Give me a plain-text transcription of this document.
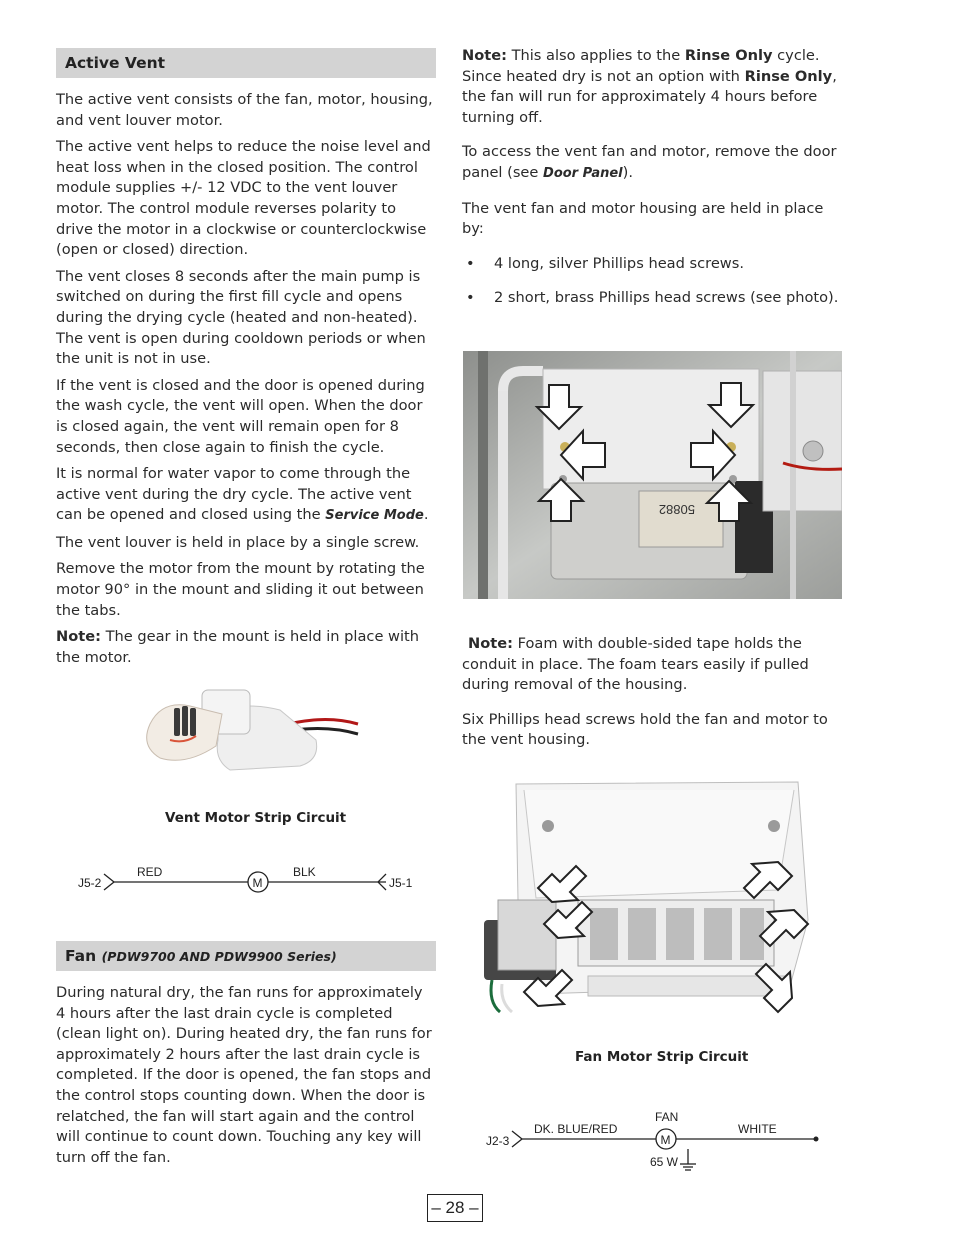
Active Vent

The active vent consists of the fan, motor, housing, and vent louver motor.

The active vent helps to reduce the noise level and heat loss when in the closed position. The control module supplies +/- 12 VDC to the vent louver motor. The control module reverses polarity to drive the motor in a clockwise or counterclockwise (open or closed) direction.

The vent closes 8 seconds after the main pump is switched on during the first fill cycle and opens during the drying cycle (heated and non-heated). The vent is open during cooldown periods or when the unit is not in use.

If the vent is closed and the door is opened during the wash cycle, the vent will open. When the door is closed again, the vent will remain open for 8 seconds, then close again to finish the cycle.

It is normal for water vapor to come through the active vent during the dry cycle. The active vent can be opened and closed using the Service Mode.

The vent louver is held in place by a single screw.

Remove the motor from the mount by rotating the motor 90° in the mount and sliding it out between the tabs.

Note: The gear in the mount is held in place with the motor.

Vent Motor Strip Circuit
J5-2
RED
M
BLK
J5-1
Fan (PDW9700 AND PDW9900 Series)

During natural dry, the fan runs for approximately 4 hours after the last drain cycle is completed (clean light on). During heated dry, the fan runs for approximately 2 hours after the last drain cycle is completed. If the door is opened, the fan stops and the control stops counting down. When the door is relatched, the fan will start again and the control will continue to count down. Touching any key will turn off the fan.

Note: This also applies to the Rinse Only cycle. Since heated dry is not an option with Rinse Only, the fan will run for approximately 4 hours before turning off.

To access the vent fan and motor, remove the door panel (see Door Panel).

The vent fan and motor housing are held in place by:

• 4 long, silver Phillips head screws.
• 2 short, brass Phillips head screws (see photo).
50882

Note: Foam with double-sided tape holds the conduit in place. The foam tears easily if pulled during removal of the housing.

Six Phillips head screws hold the fan and motor to the vent housing.

Fan Motor Strip Circuit
J2-3
DK. BLUE/RED
FAN
M
WHITE
65 W
– 28 –
